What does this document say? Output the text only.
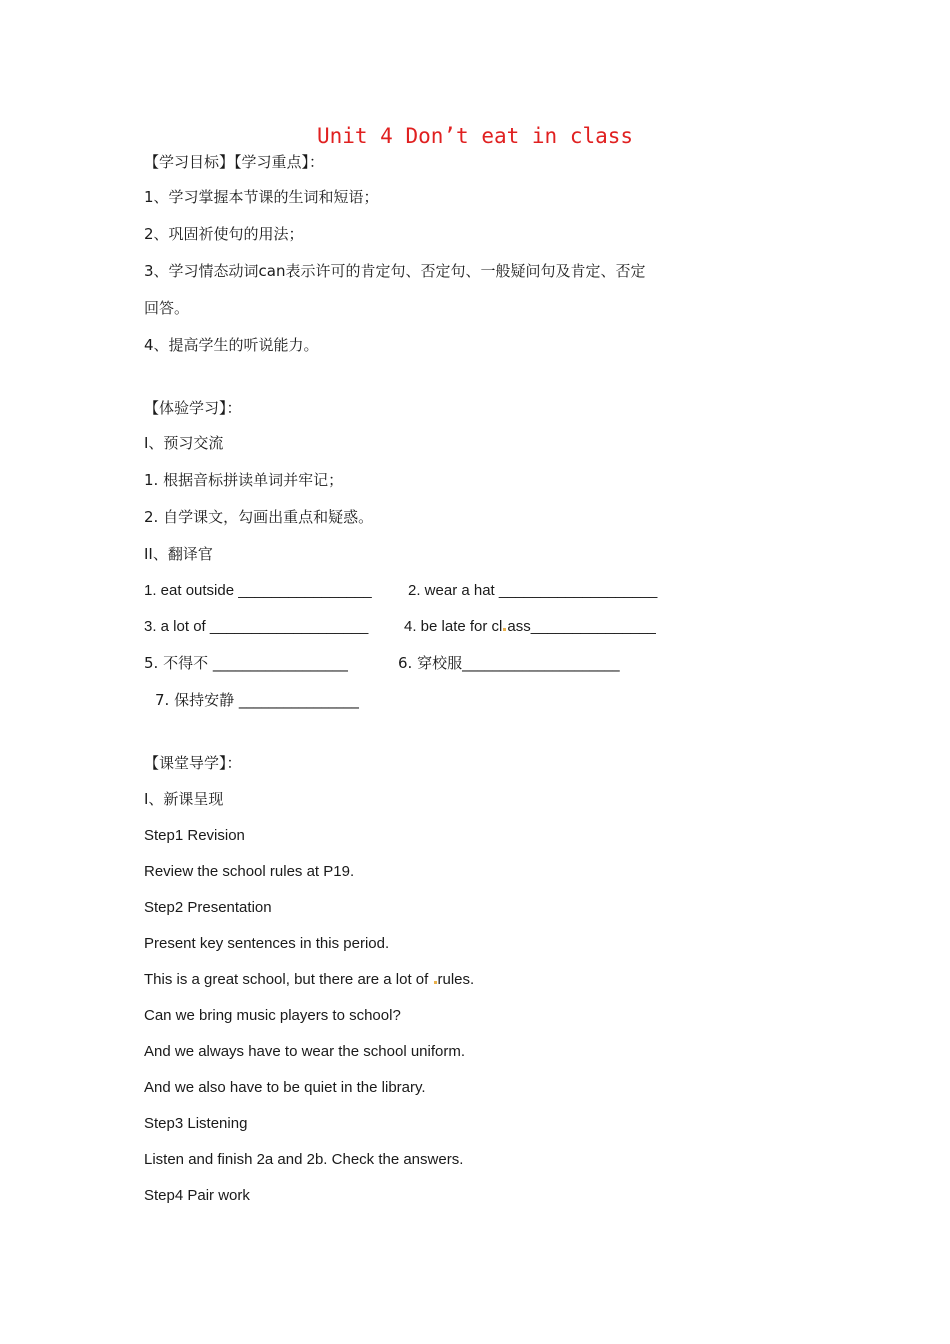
Unit 4 Don’t eat in class
【学习目标】【学习重点】：
1、学习掌握本节课的生词和短语；
2、巩固祈使句的用法；
3、学习情态动词can表示许可的肯定句、否定句、一般疑问句及肯定、否定
回答。
4、提高学生的听说能力。
【体验学习】：
I、预习交流
1. 根据音标拼读单词并牢记；
2. 自学课文，勾画出重点和疑惑。
II、翻译官
1. eat outside ________________ 2. wear a hat ___________________
3. a lot of ___________________ 4. be late for cl ass_______________
5. 不得不 __________________	6. 穿校服_____________________
7. 保持安静 ________________
【课堂导学】：
I、新课呈现
Step1 Revision
Review the school rules at P19.
Step2 Presentation
Present key sentences in this period.
This is a great school, but there are a lot of rules.
Can we bring music players to school?
And we always have to wear the school uniform.
And we also have to be quiet in the library.
Step3 Listening
Listen and finish 2a and 2b. Check the answers.
Step4 Pair work
